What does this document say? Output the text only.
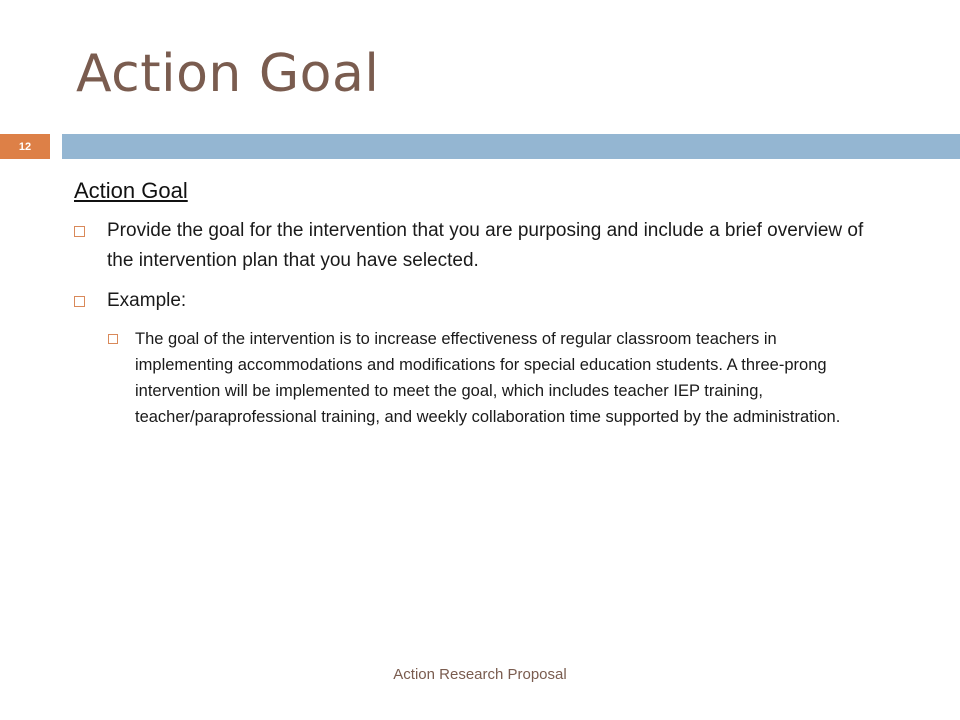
Action Goal
12
Action Goal
Provide the goal for the intervention that you are purposing and include a brief overview of the intervention plan that you have selected.
Example:
The goal of the intervention is to increase effectiveness of regular classroom teachers in implementing accommodations and modifications for special education students. A three-prong intervention will be implemented to meet the goal, which includes teacher IEP training, teacher/paraprofessional training, and weekly collaboration time supported by the administration.
Action Research Proposal
